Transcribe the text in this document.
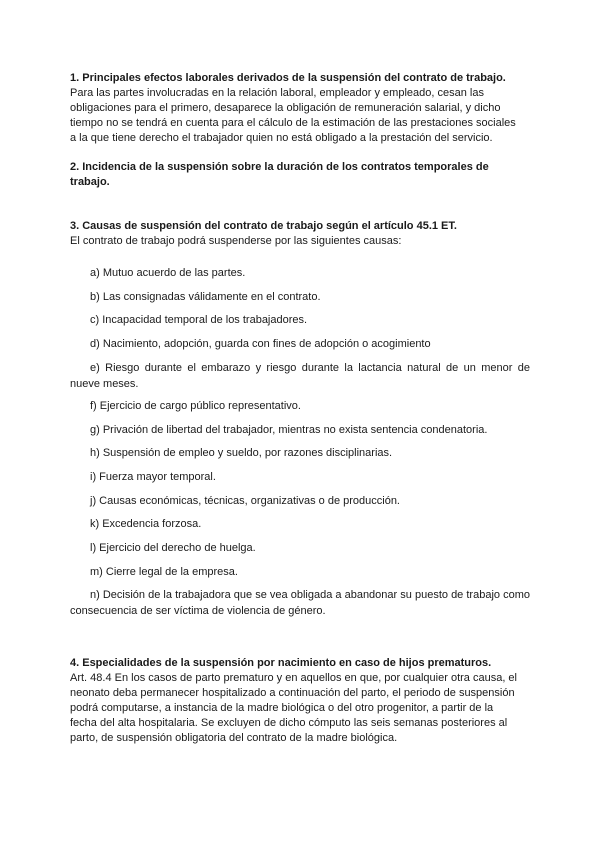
1. Principales efectos laborales derivados de la suspensión del contrato de trabajo.

Para las partes involucradas en la relación laboral, empleador y empleado, cesan las

obligaciones para el primero, desaparece la obligación de remuneración salarial, y dicho

tiempo no se tendrá en cuenta para el cálculo de la estimación de las prestaciones sociales

a la que tiene derecho el trabajador quien no está obligado a la prestación del servicio.

2. Incidencia de la suspensión sobre la duración de los contratos temporales de

trabajo.

3. Causas de suspensión del contrato de trabajo según el artículo 45.1 ET.

El contrato de trabajo podrá suspenderse por las siguientes causas:

a) Mutuo acuerdo de las partes.

b) Las consignadas válidamente en el contrato.

c) Incapacidad temporal de los trabajadores.

d) Nacimiento, adopción, guarda con fines de adopción o acogimiento

e) Riesgo durante el embarazo y riesgo durante la lactancia natural de un menor de nueve meses.

f) Ejercicio de cargo público representativo.

g) Privación de libertad del trabajador, mientras no exista sentencia condenatoria.

h) Suspensión de empleo y sueldo, por razones disciplinarias.

i) Fuerza mayor temporal.

j) Causas económicas, técnicas, organizativas o de producción.

k) Excedencia forzosa.

l) Ejercicio del derecho de huelga.

m) Cierre legal de la empresa.

n) Decisión de la trabajadora que se vea obligada a abandonar su puesto de trabajo como consecuencia de ser víctima de violencia de género.

4. Especialidades de la suspensión por nacimiento en caso de hijos prematuros.

Art. 48.4 En los casos de parto prematuro y en aquellos en que, por cualquier otra causa, el

neonato deba permanecer hospitalizado a continuación del parto, el periodo de suspensión

podrá computarse, a instancia de la madre biológica o del otro progenitor, a partir de la

fecha del alta hospitalaria. Se excluyen de dicho cómputo las seis semanas posteriores al

parto, de suspensión obligatoria del contrato de la madre biológica.
